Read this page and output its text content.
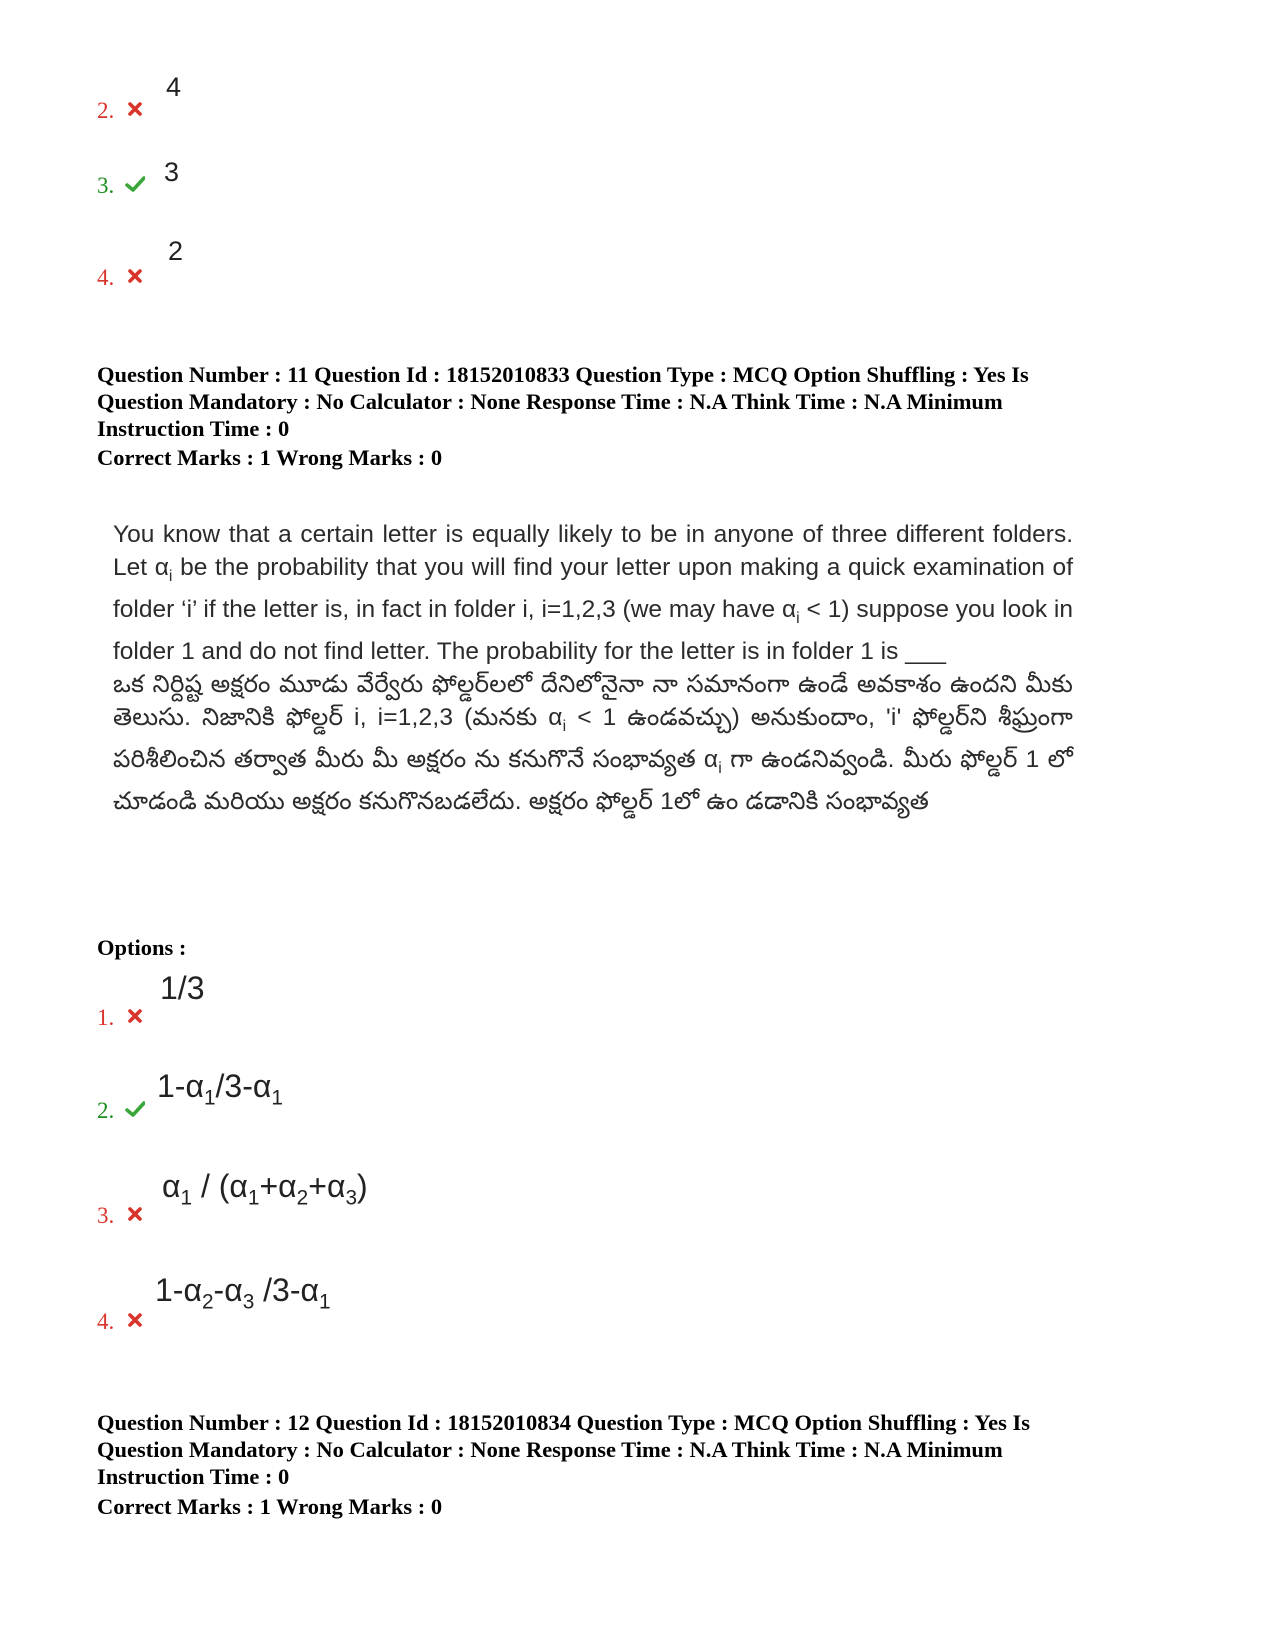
4
2.
3
3.
2
4.
Question Number : 11 Question Id : 18152010833 Question Type : MCQ Option Shuffling : Yes Is
Question Mandatory : No Calculator : None Response Time : N.A Think Time : N.A Minimum
Instruction Time : 0
Correct Marks : 1 Wrong Marks : 0

You know that a certain letter is equally likely to be in anyone of three different folders. Let $\alpha_i$ be the probability that you will find your letter upon making a quick examination of folder ‘i’ if the letter is, in fact in folder i, i=1,2,3 (we may have $\alpha_i < 1$) suppose you look in folder 1 and do not find letter. The probability for the letter is in folder 1 is ___

ఒక నిర్దిష్ట అక్షరం మూడు వేర్వేరు ఫోల్డర్‌లలో దేనిలోనైనా నా సమానంగా ఉండే అవకాశం ఉందని మీకు తెలుసు. నిజానికి ఫోల్డర్ i, i=1,2,3 (మనకు $\alpha_i < 1$ ఉండవచ్చు) అనుకుందాం, 'i' ఫోల్డర్‌ని శీఘ్రంగా పరిశీలించిన తర్వాత మీరు మీ అక్షరం ను కనుగొనే సంభావ్యత $\alpha_i$ గా ఉండనివ్వండి. మీరు ఫోల్డర్ 1 లో చూడండి మరియు అక్షరం కనుగొనబడలేదు. అక్షరం ఫోల్డర్ 1లో ఉం డడానికి సంభావ్యత

Options :
1/3
1.
$1-\alpha_1/3-\alpha_1$
2.
$\alpha_1 / (\alpha_1+\alpha_2+\alpha_3)$
3.
$1-\alpha_2-\alpha_3$ $/3-\alpha_1$
4.
Question Number : 12 Question Id : 18152010834 Question Type : MCQ Option Shuffling : Yes Is
Question Mandatory : No Calculator : None Response Time : N.A Think Time : N.A Minimum
Instruction Time : 0
Correct Marks : 1 Wrong Marks : 0
